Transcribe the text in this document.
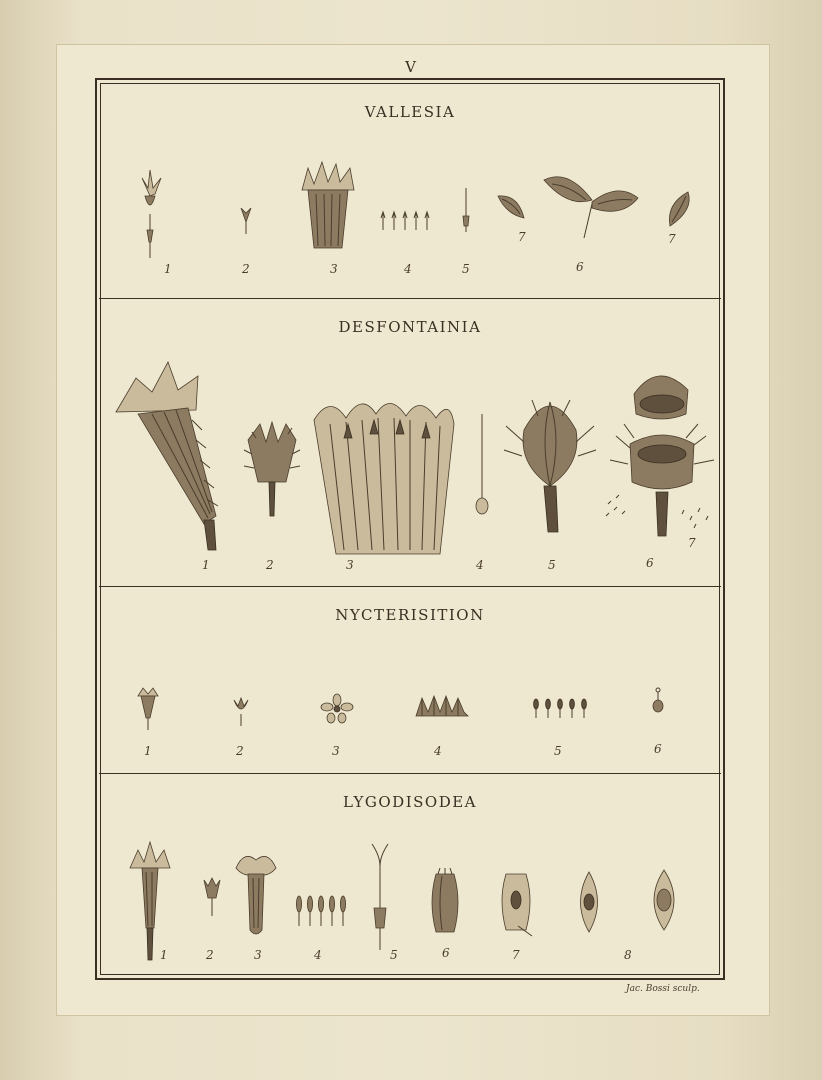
V
VALLESIA
1	2	3	4	5	6
7	7
DESFONTAINIA
1	2	3	4	5	6
7
NYCTERISITION
1	2	3	4	5	6
LYGODISODEA
1	2	3	4	5	6	7	8
Jac. Bossi sculp.
